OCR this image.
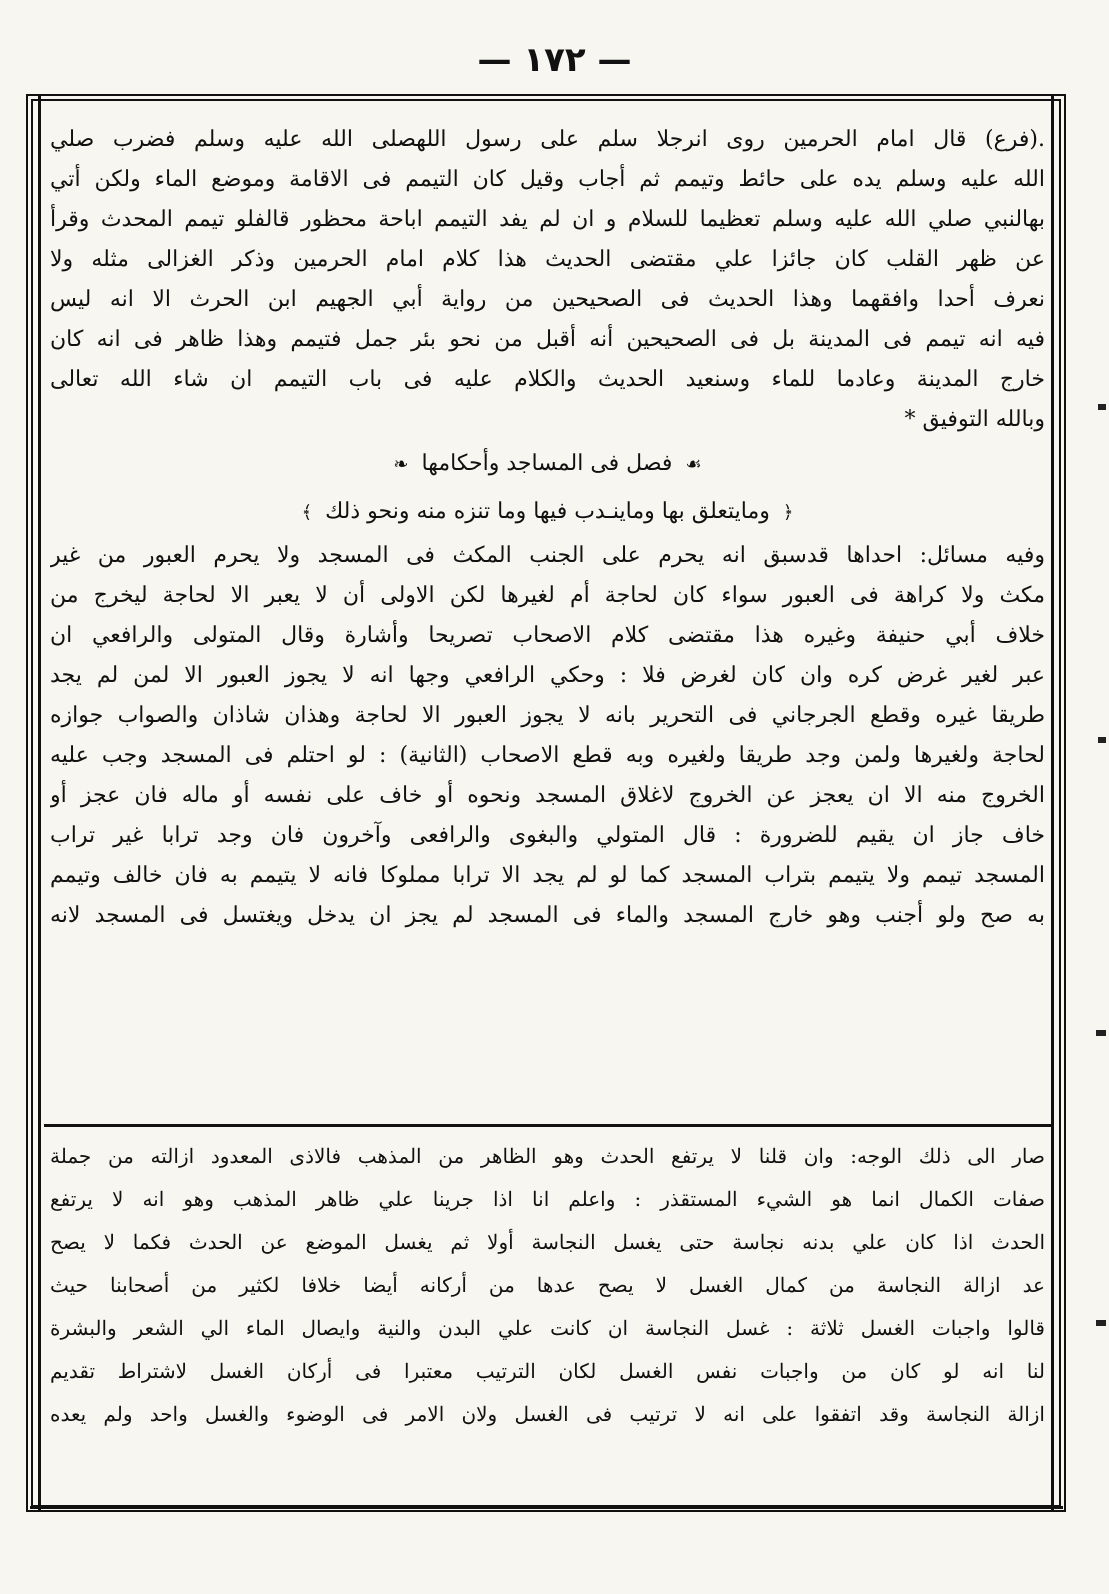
— ۱۷۲ —
.(فرع) قال امام الحرمين روى انرجلا سلم على رسول اللهصلى الله عليه وسلم فضرب صلي
الله عليه وسلم يده على حائط وتيمم ثم أجاب وقيل كان التيمم فى الاقامة وموضع الماء ولكن أتي
بهالنبي صلي الله عليه وسلم تعظيما للسلام و ان لم يفد التيمم اباحة محظور قالفلو تيمم المحدث وقرأ
عن ظهر القلب كان جائزا علي مقتضى الحديث هذا كلام امام الحرمين وذكر الغزالى مثله ولا
نعرف أحدا وافقهما وهذا الحديث فى الصحيحين من رواية أبي الجهيم ابن الحرث الا انه ليس
فيه انه تيمم فى المدينة بل فى الصحيحين أنه أقبل من نحو بئر جمل فتيمم وهذا ظاهر فى انه كان
خارج المدينة وعادما للماء وسنعيد الحديث والكلام عليه فى باب التيمم ان شاء الله تعالى
وبالله التوفيق *
☙ فصل فى المساجد وأحكامها ❧
﴿ ومايتعلق بها وماينـدب فيها وما تنزه منه ونحو ذلك ﴾
وفيه مسائل: احداها قدسبق انه يحرم على الجنب المكث فى المسجد ولا يحرم العبور من غير
مكث ولا كراهة فى العبور سواء كان لحاجة أم لغيرها لكن الاولى أن لا يعبر الا لحاجة ليخرج من
خلاف أبي حنيفة وغيره هذا مقتضى كلام الاصحاب تصريحا وأشارة وقال المتولى والرافعي ان
عبر لغير غرض كره وان كان لغرض فلا : وحكي الرافعي وجها انه لا يجوز العبور الا لمن لم يجد
طريقا غيره وقطع الجرجاني فى التحرير بانه لا يجوز العبور الا لحاجة وهذان شاذان والصواب جوازه
لحاجة ولغيرها ولمن وجد طريقا ولغيره وبه قطع الاصحاب (الثانية) : لو احتلم فى المسجد وجب عليه
الخروج منه الا ان يعجز عن الخروج لاغلاق المسجد ونحوه أو خاف على نفسه أو ماله فان عجز أو
خاف جاز ان يقيم للضرورة : قال المتولي والبغوى والرافعى وآخرون فان وجد ترابا غير تراب
المسجد تيمم ولا يتيمم بتراب المسجد كما لو لم يجد الا ترابا مملوكا فانه لا يتيمم به فان خالف وتيمم
به صح ولو أجنب وهو خارج المسجد والماء فى المسجد لم يجز ان يدخل ويغتسل فى المسجد لانه
صار الى ذلك الوجه: وان قلنا لا يرتفع الحدث وهو الظاهر من المذهب فالاذى المعدود ازالته من جملة
صفات الكمال انما هو الشيء المستقذر : واعلم انا اذا جرينا علي ظاهر المذهب وهو انه لا يرتفع
الحدث اذا كان علي بدنه نجاسة حتى يغسل النجاسة أولا ثم يغسل الموضع عن الحدث فكما لا يصح
عد ازالة النجاسة من كمال الغسل لا يصح عدها من أركانه أيضا خلافا لكثير من أصحابنا حيث
قالوا واجبات الغسل ثلاثة : غسل النجاسة ان كانت علي البدن والنية وايصال الماء الي الشعر والبشرة
لنا انه لو كان من واجبات نفس الغسل لكان الترتيب معتبرا فى أركان الغسل لاشتراط تقديم
ازالة النجاسة وقد اتفقوا على انه لا ترتيب فى الغسل ولان الامر فى الوضوء والغسل واحد ولم يعده
